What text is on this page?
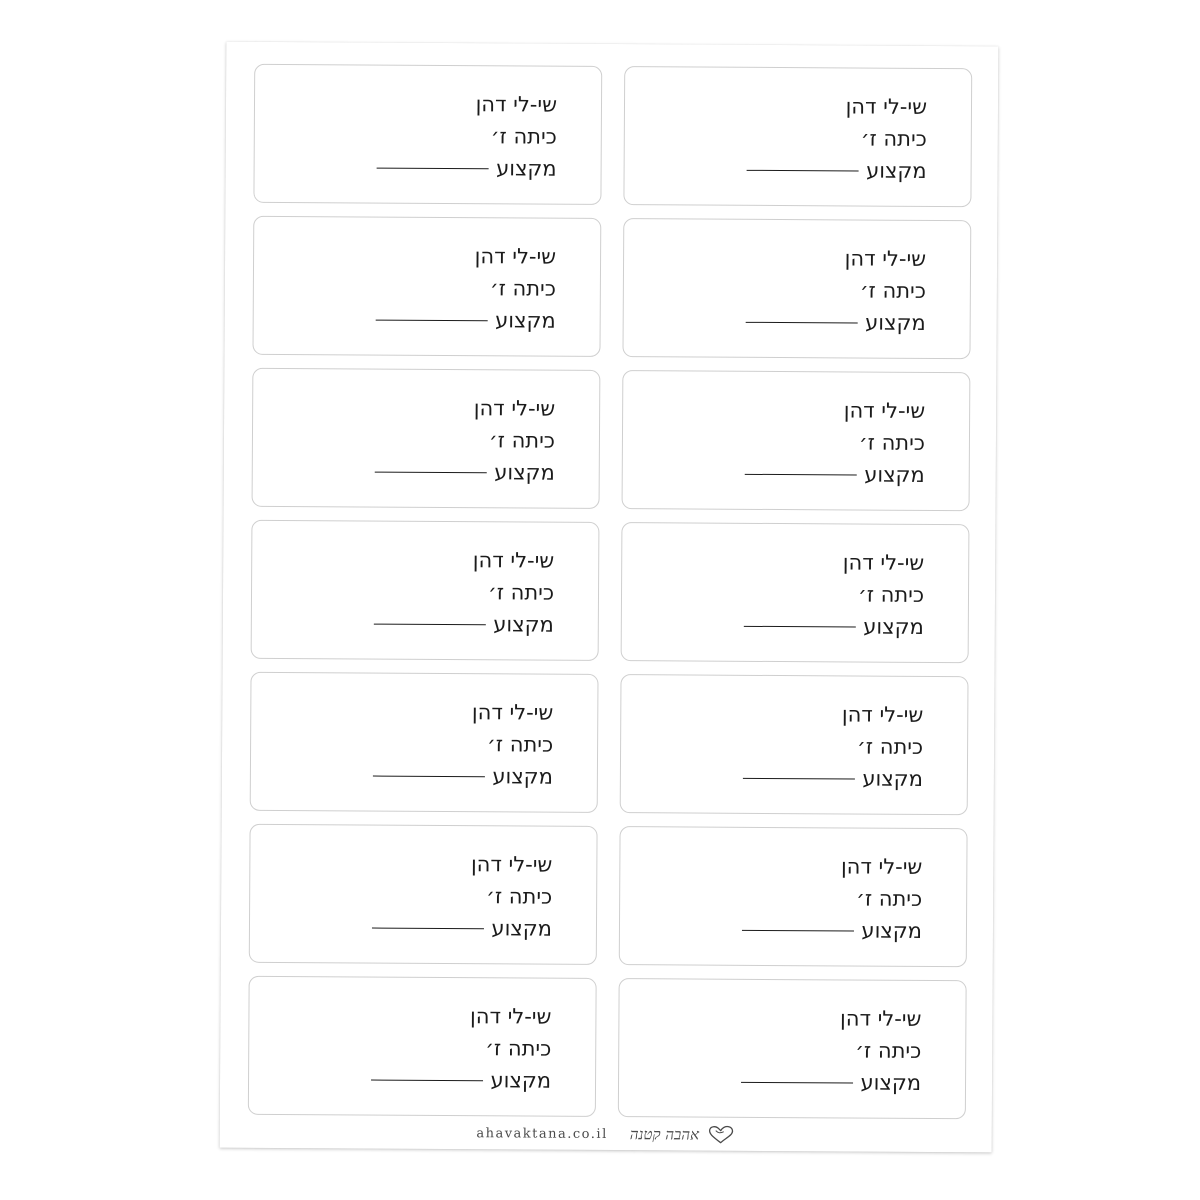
שי-לי דהן
כיתה ז׳
מקצוע
שי-לי דהן
כיתה ז׳
מקצוע
שי-לי דהן
כיתה ז׳
מקצוע
שי-לי דהן
כיתה ז׳
מקצוע
שי-לי דהן
כיתה ז׳
מקצוע
שי-לי דהן
כיתה ז׳
מקצוע
שי-לי דהן
כיתה ז׳
מקצוע
שי-לי דהן
כיתה ז׳
מקצוע
שי-לי דהן
כיתה ז׳
מקצוע
שי-לי דהן
כיתה ז׳
מקצוע
שי-לי דהן
כיתה ז׳
מקצוע
שי-לי דהן
כיתה ז׳
מקצוע
שי-לי דהן
כיתה ז׳
מקצוע
שי-לי דהן
כיתה ז׳
מקצוע
ahavaktana.co.il אהבה קטנה
